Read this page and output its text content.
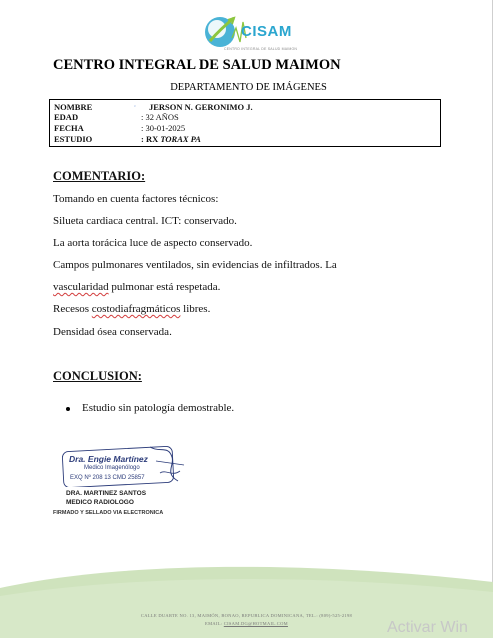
CISAM
CENTRO INTEGRAL DE SALUD MAIMON
CENTRO INTEGRAL DE SALUD MAIMON
DEPARTAMENTO DE IMÁGENES
ᵕ
NOMBRE	JERSON N. GERONIMO J.
EDAD	: 32 AÑOS
FECHA	: 30-01-2025
ESTUDIO	: RX TORAX PA
COMENTARIO:
Tomando en cuenta factores técnicos:
Silueta cardiaca central. ICT: conservado.
La aorta torácica luce de aspecto conservado.
Campos pulmonares ventilados, sin evidencias de infiltrados. La
vascularidad pulmonar está respetada.
Recesos costodiafragmáticos libres.
Densidad ósea conservada.
CONCLUSION:
Estudio sin patología demostrable.
Dra. Engie Martínez
Medico Imagenólogo
EXQ Nº 208 13 CMD 25857
DRA. MARTINEZ SANTOS
MEDICO RADIOLOGO
FIRMADO Y SELLADO VIA ELECTRONICA
CALLE DUARTE NO. 13, MAIMÓN, BONAO, REPUBLICA DOMINICANA, TEL.: (809)-525-2198
EMAIL: CISAM.DG@HOTMAIL.COM	Activar Win
